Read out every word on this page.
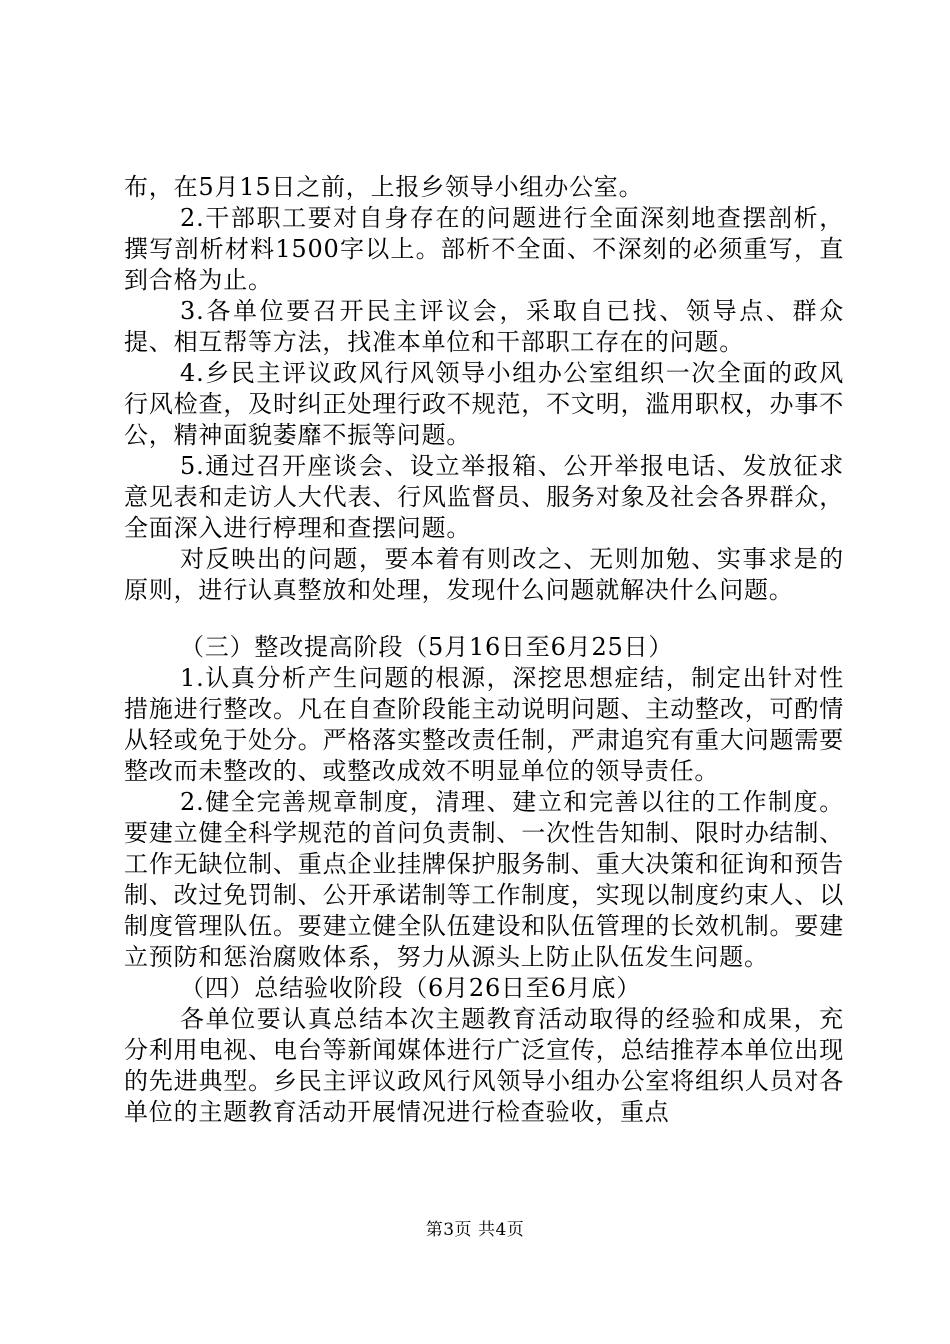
布，在5月15日之前，上报乡领导小组办公室。

2.干部职工要对自身存在的问题进行全面深刻地查摆剖析，撰写剖析材料1500字以上。部析不全面、不深刻的必须重写，直到合格为止。

3.各单位要召开民主评议会，采取自已找、领导点、群众提、相互帮等方法，找准本单位和干部职工存在的问题。

4.乡民主评议政风行风领导小组办公室组织一次全面的政风行风检查，及时纠正处理行政不规范，不文明，滥用职权，办事不公，精神面貌萎靡不振等问题。

5.通过召开座谈会、设立举报箱、公开举报电话、发放征求意见表和走访人大代表、行风监督员、服务对象及社会各界群众，全面深入进行楟理和查摆问题。

对反映出的问题，要本着有则改之、无则加勉、实事求是的原则，进行认真整放和处理，发现什么问题就解决什么问题。

（三）整改提高阶段（5月16日至6月25日）

1.认真分析产生问题的根源，深挖思想症结，制定出针对性措施进行整改。凡在自查阶段能主动说明问题、主动整改，可酌情从轻或免于处分。严格落实整改责任制，严肃追究有重大问题需要整改而未整改的、或整改成效不明显单位的领导责任。

2.健全完善规章制度，清理、建立和完善以往的工作制度。要建立健全科学规范的首问负责制、一次性告知制、限时办结制、工作无缺位制、重点企业挂牌保护服务制、重大决策和征询和预告制、改过免罚制、公开承诺制等工作制度，实现以制度约束人、以制度管理队伍。要建立健全队伍建设和队伍管理的长效机制。要建立预防和惩治腐败体系，努力从源头上防止队伍发生问题。

（四）总结验收阶段（6月26日至6月底）

各单位要认真总结本次主题教育活动取得的经验和成果，充分利用电视、电台等新闻媒体进行广泛宣传，总结推荐本单位出现的先进典型。乡民主评议政风行风领导小组办公室将组织人员对各单位的主题教育活动开展情况进行检查验收，重点

第3页 共4页
